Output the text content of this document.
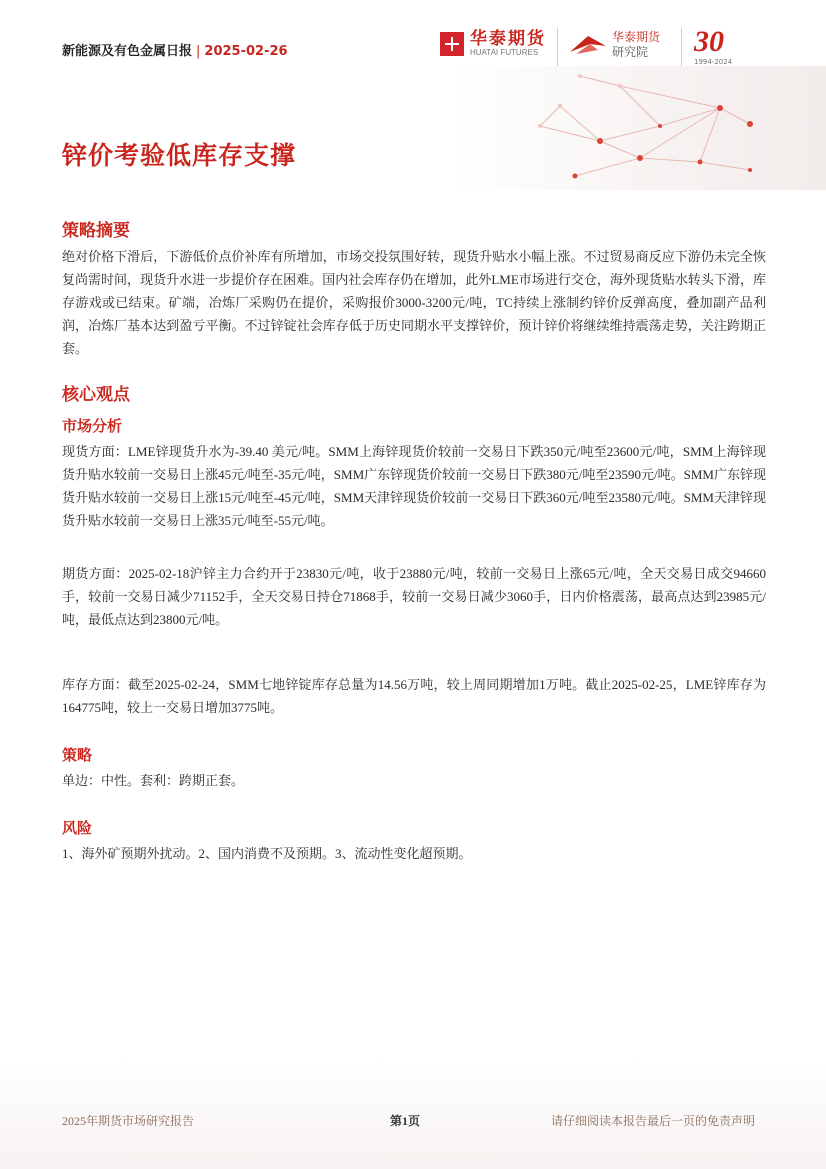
新能源及有色金属日报 | 2025-02-26
华泰期货
HUATAI FUTURES
华泰期货
研究院	30
1994-2024
锌价考验低库存支撑
策略摘要

绝对价格下滑后，下游低价点价补库有所增加，市场交投氛围好转，现货升贴水小幅上涨。不过贸易商反应下游仍未完全恢复尚需时间，现货升水进一步提价存在困难。国内社会库存仍在增加，此外LME市场进行交仓，海外现货贴水转头下滑，库存游戏或已结束。矿端，冶炼厂采购仍在提价，采购报价3000-3200元/吨，TC持续上涨制约锌价反弹高度，叠加副产品利润，冶炼厂基本达到盈亏平衡。不过锌锭社会库存低于历史同期水平支撑锌价，预计锌价将继续维持震荡走势，关注跨期正套。

核心观点
市场分析

现货方面：LME锌现货升水为-39.40 美元/吨。SMM上海锌现货价较前一交易日下跌350元/吨至23600元/吨，SMM上海锌现货升贴水较前一交易日上涨45元/吨至-35元/吨，SMM广东锌现货价较前一交易日下跌380元/吨至23590元/吨。SMM广东锌现货升贴水较前一交易日上涨15元/吨至-45元/吨，SMM天津锌现货价较前一交易日下跌360元/吨至23580元/吨。SMM天津锌现货升贴水较前一交易日上涨35元/吨至-55元/吨。

期货方面：2025-02-18沪锌主力合约开于23830元/吨，收于23880元/吨，较前一交易日上涨65元/吨，全天交易日成交94660手，较前一交易日减少71152手，全天交易日持仓71868手，较前一交易日减少3060手，日内价格震荡，最高点达到23985元/吨，最低点达到23800元/吨。

库存方面：截至2025-02-24，SMM七地锌锭库存总量为14.56万吨，较上周同期增加1万吨。截止2025-02-25，LME锌库存为164775吨，较上一交易日增加3775吨。

策略

单边：中性。套利：跨期正套。

风险

1、海外矿预期外扰动。2、国内消费不及预期。3、流动性变化超预期。

2025年期货市场研究报告	第1页	请仔细阅读本报告最后一页的免责声明
